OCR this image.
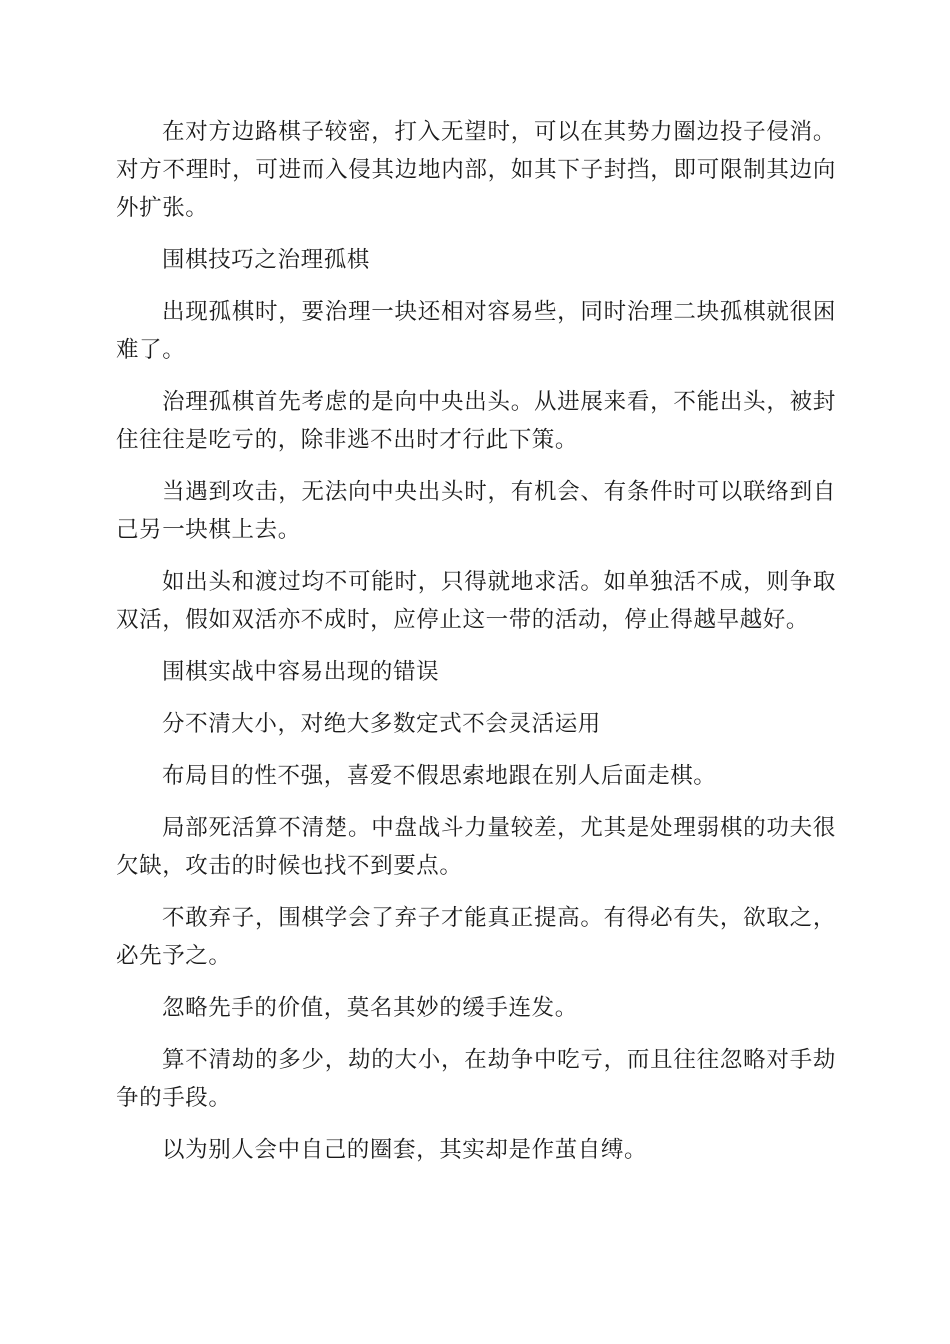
在对方边路棋子较密，打入无望时，可以在其势力圈边投子侵消。对方不理时，可进而入侵其边地内部，如其下子封挡，即可限制其边向外扩张。

围棋技巧之治理孤棋

出现孤棋时，要治理一块还相对容易些，同时治理二块孤棋就很困难了。

治理孤棋首先考虑的是向中央出头。从进展来看，不能出头，被封住往往是吃亏的，除非逃不出时才行此下策。

当遇到攻击，无法向中央出头时，有机会、有条件时可以联络到自己另一块棋上去。

如出头和渡过均不可能时，只得就地求活。如单独活不成，则争取双活，假如双活亦不成时，应停止这一带的活动，停止得越早越好。

围棋实战中容易出现的错误

分不清大小，对绝大多数定式不会灵活运用

布局目的性不强，喜爱不假思索地跟在别人后面走棋。

局部死活算不清楚。中盘战斗力量较差，尤其是处理弱棋的功夫很欠缺，攻击的时候也找不到要点。

不敢弃子，围棋学会了弃子才能真正提高。有得必有失，欲取之，必先予之。

忽略先手的价值，莫名其妙的缓手连发。

算不清劫的多少，劫的大小，在劫争中吃亏，而且往往忽略对手劫争的手段。

以为别人会中自己的圈套，其实却是作茧自缚。
